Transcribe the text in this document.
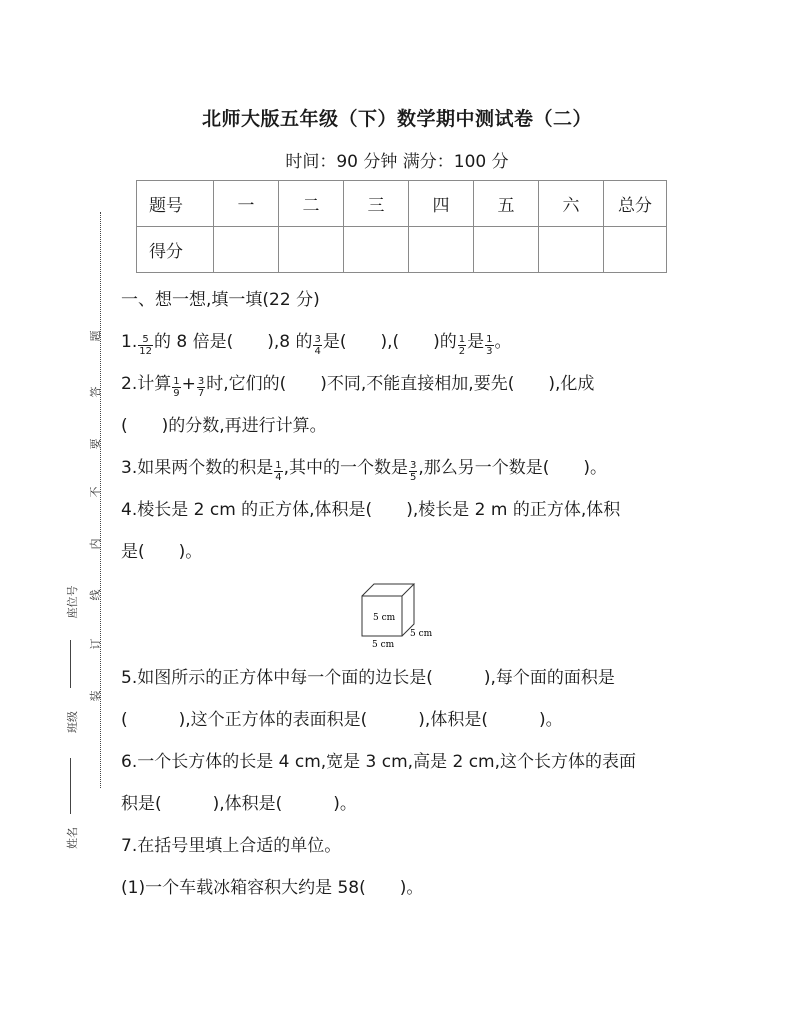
北师大版五年级（下）数学期中测试卷（二）
时间：90 分钟 满分：100 分
题号	一	二	三	四	五	六	总分
得分							
题
答
要
不
内
线
订
装
座位号
班级
姓名
一、想一想,填一填(22 分)
1. $\frac{5}{12}$ 的 8 倍是(　　),8 的 $\frac{3}{4}$ 是(　　),(　　)的 $\frac{1}{2}$ 是 $\frac{1}{3}$ 。
2.计算 $\frac{1}{9} + \frac{3}{7}$ 时,它们的(　　)不同,不能直接相加,要先(　　),化成
(　　)的分数,再进行计算。
3.如果两个数的积是 $\frac{1}{4}$ ,其中的一个数是 $\frac{3}{5}$ ,那么另一个数是(　　)。
4.棱长是 2 cm 的正方体,体积是(　　),棱长是 2 m 的正方体,体积
是(　　)。
5 cm
5 cm
5 cm
5.如图所示的正方体中每一个面的边长是(　　　),每个面的面积是
(　　　),这个正方体的表面积是(　　　),体积是(　　　)。
6.一个长方体的长是 4 cm,宽是 3 cm,高是 2 cm,这个长方体的表面
积是(　　　),体积是(　　　)。
7.在括号里填上合适的单位。
(1)一个车载冰箱容积大约是 58(　　)。
